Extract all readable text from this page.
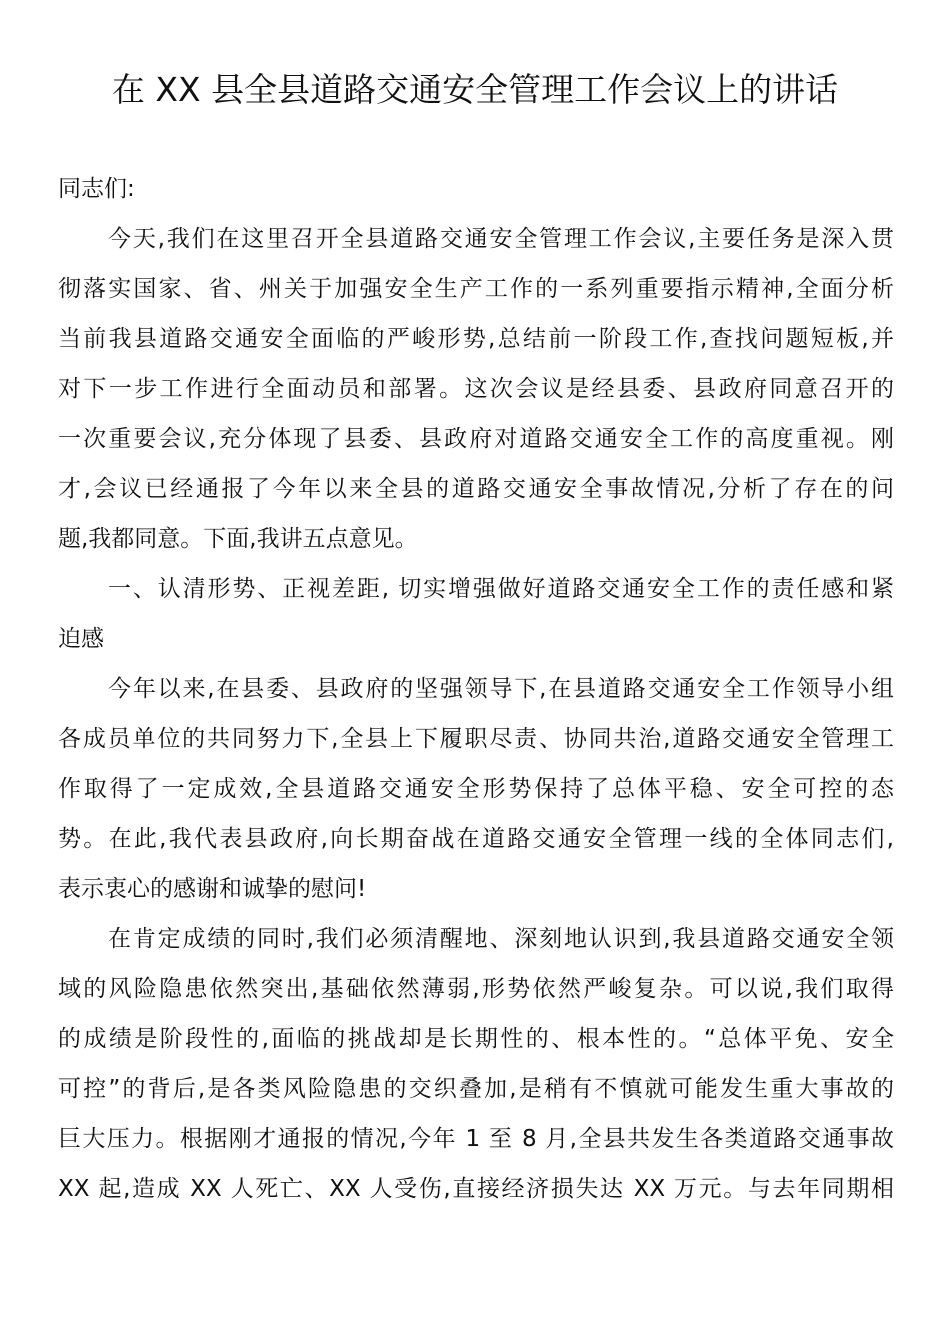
在 XX 县全县道路交通安全管理工作会议上的讲话
同志们:
今天,我们在这里召开全县道路交通安全管理工作会议,主要任务是深入贯
彻落实国家、省、州关于加强安全生产工作的一系列重要指示精神,全面分析
当前我县道路交通安全面临的严峻形势,总结前一阶段工作,查找问题短板,并
对下一步工作进行全面动员和部署。这次会议是经县委、县政府同意召开的
一次重要会议,充分体现了县委、县政府对道路交通安全工作的高度重视。刚
才,会议已经通报了今年以来全县的道路交通安全事故情况,分析了存在的问
题,我都同意。下面,我讲五点意见。
一、认清形势、正视差距, 切实增强做好道路交通安全工作的责任感和紧
迫感
今年以来,在县委、县政府的坚强领导下,在县道路交通安全工作领导小组
各成员单位的共同努力下,全县上下履职尽责、协同共治,道路交通安全管理工
作取得了一定成效,全县道路交通安全形势保持了总体平稳、安全可控的态
势。在此,我代表县政府,向长期奋战在道路交通安全管理一线的全体同志们,
表示衷心的感谢和诚挚的慰问!
在肯定成绩的同时,我们必须清醒地、深刻地认识到,我县道路交通安全领
域的风险隐患依然突出,基础依然薄弱,形势依然严峻复杂。可以说,我们取得
的成绩是阶段性的,面临的挑战却是长期性的、根本性的。“总体平免、安全
可控”的背后,是各类风险隐患的交织叠加,是稍有不慎就可能发生重大事故的
巨大压力。根据刚才通报的情况,今年 1 至 8 月,全县共发生各类道路交通事故
XX 起,造成 XX 人死亡、XX 人受伤,直接经济损失达 XX 万元。与去年同期相
